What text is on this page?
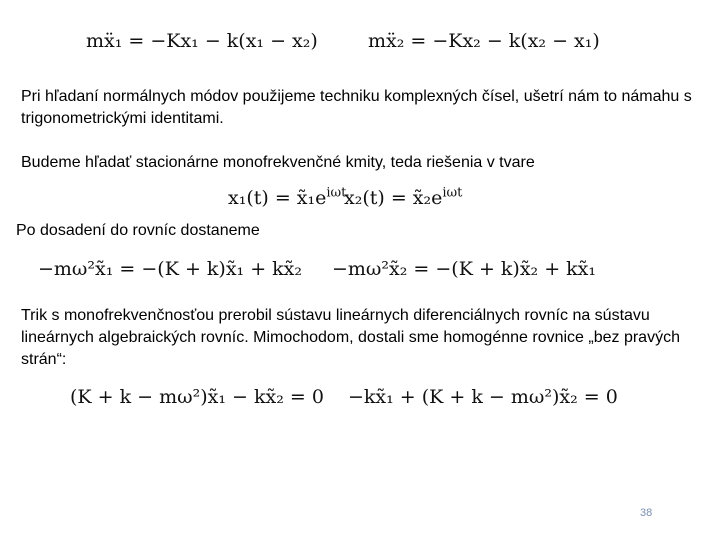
mẍ₁ = −Kx₁ − k(x₁ − x₂)	mẍ₂ = −Kx₂ − k(x₂ − x₁)
Pri hľadaní normálnych módov použijeme techniku komplexných čísel, ušetrí nám to námahu s trigonometrickými identitami.
Budeme hľadať stacionárne monofrekvenčné kmity, teda riešenia v tvare
$x_1(t) = x̃_1e^{i\omega t}$
$x_2(t) = x̃_2e^{i\omega t}$
Po dosadení do rovníc dostaneme
−mω²x̃₁ = −(K + k)x̃₁ + kx̃₂ −mω²x̃₂ = −(K + k)x̃₂ + kx̃₁
Trik s monofrekvenčnosťou prerobil sústavu lineárnych diferenciálnych rovníc na sústavu lineárnych algebraických rovníc. Mimochodom, dostali sme homogénne rovnice „bez pravých strán“:
(K + k − mω²)x̃₁ − kx̃₂ = 0 −kx̃₁ + (K + k − mω²)x̃₂ = 0
38
